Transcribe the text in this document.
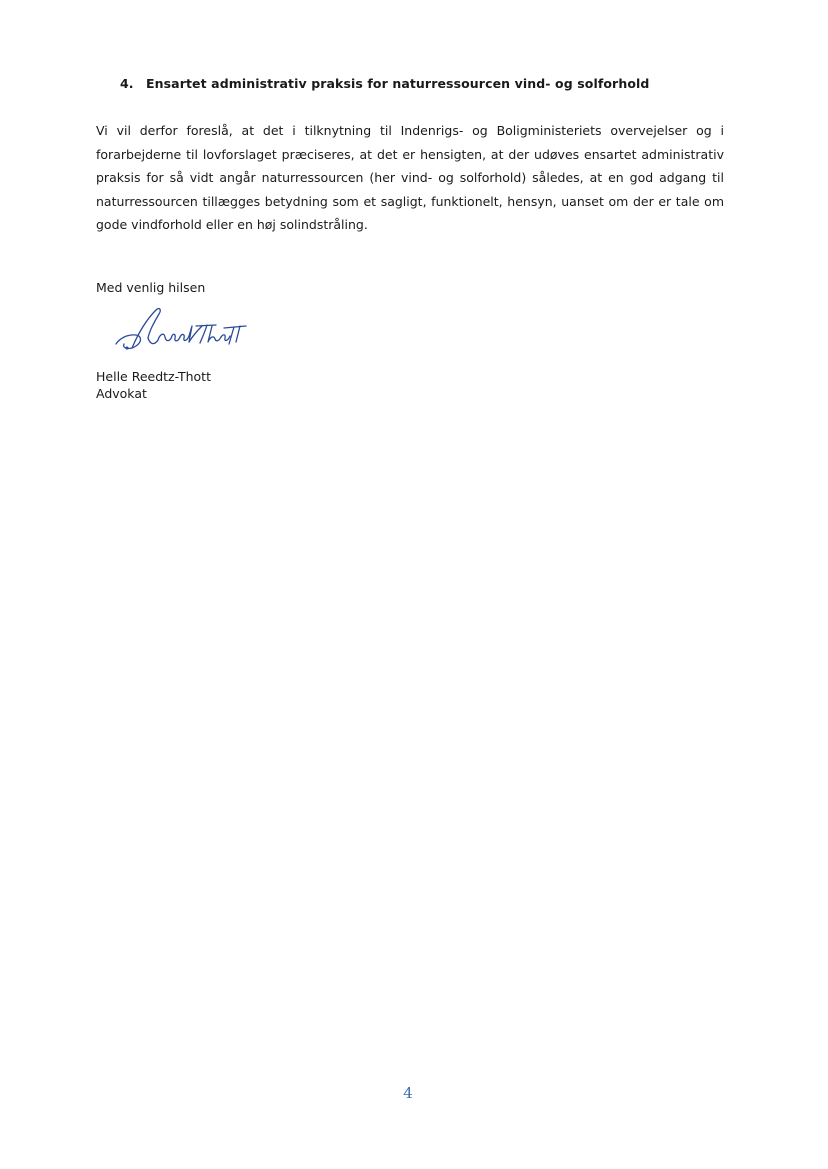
4. Ensartet administrativ praksis for naturressourcen vind- og solforhold
Vi vil derfor foreslå, at det i tilknytning til Indenrigs- og Boligministeriets overvejelser og i
forarbejderne til lovforslaget præciseres, at det er hensigten, at der udøves ensartet administrativ
praksis for så vidt angår naturressourcen (her vind- og solforhold) således, at en god adgang til
naturressourcen tillægges betydning som et sagligt, funktionelt, hensyn, uanset om der er tale om
gode vindforhold eller en høj solindstråling.
Med venlig hilsen
Helle Reedtz-Thott
Advokat
4
